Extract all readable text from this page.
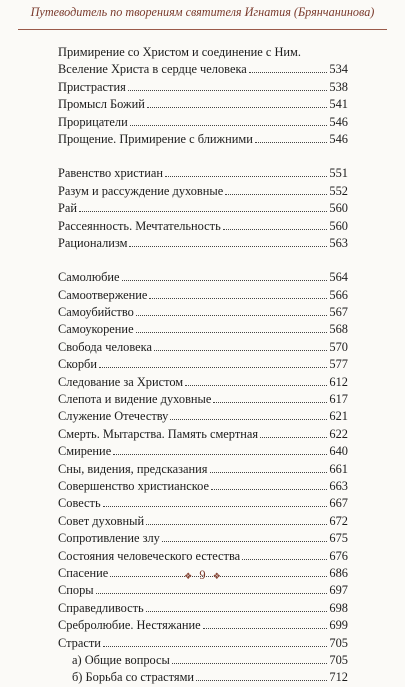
Путеводитель по творениям святителя Игнатия (Брянчанинова)
Примирение со Христом и соединение с Ним.
Вселение Христа в сердце человека	534
Пристрастия	538
Промысл Божий	541
Прорицатели	546
Прощение. Примирение с ближними	546
Равенство христиан	551
Разум и рассуждение духовные	552
Рай	560
Рассеянность. Мечтательность	560
Рационализм	563
Самолюбие	564
Самоотвержение	566
Самоубийство	567
Самоукорение	568
Свобода человека	570
Скорби	577
Следование за Христом	612
Слепота и видение духовные	617
Служение Отечеству	621
Смерть. Мытарства. Память смертная	622
Смирение	640
Сны, видения, предсказания	661
Совершенство христианское	663
Совесть	667
Совет духовный	672
Сопротивление злу	675
Состояния человеческого естества	676
Спасение	686
Споры	697
Справедливость	698
Сребролюбие. Нестяжание	699
Страсти	705
а) Общие вопросы	705
б) Борьба со страстями	712
❖ 9 ❖
